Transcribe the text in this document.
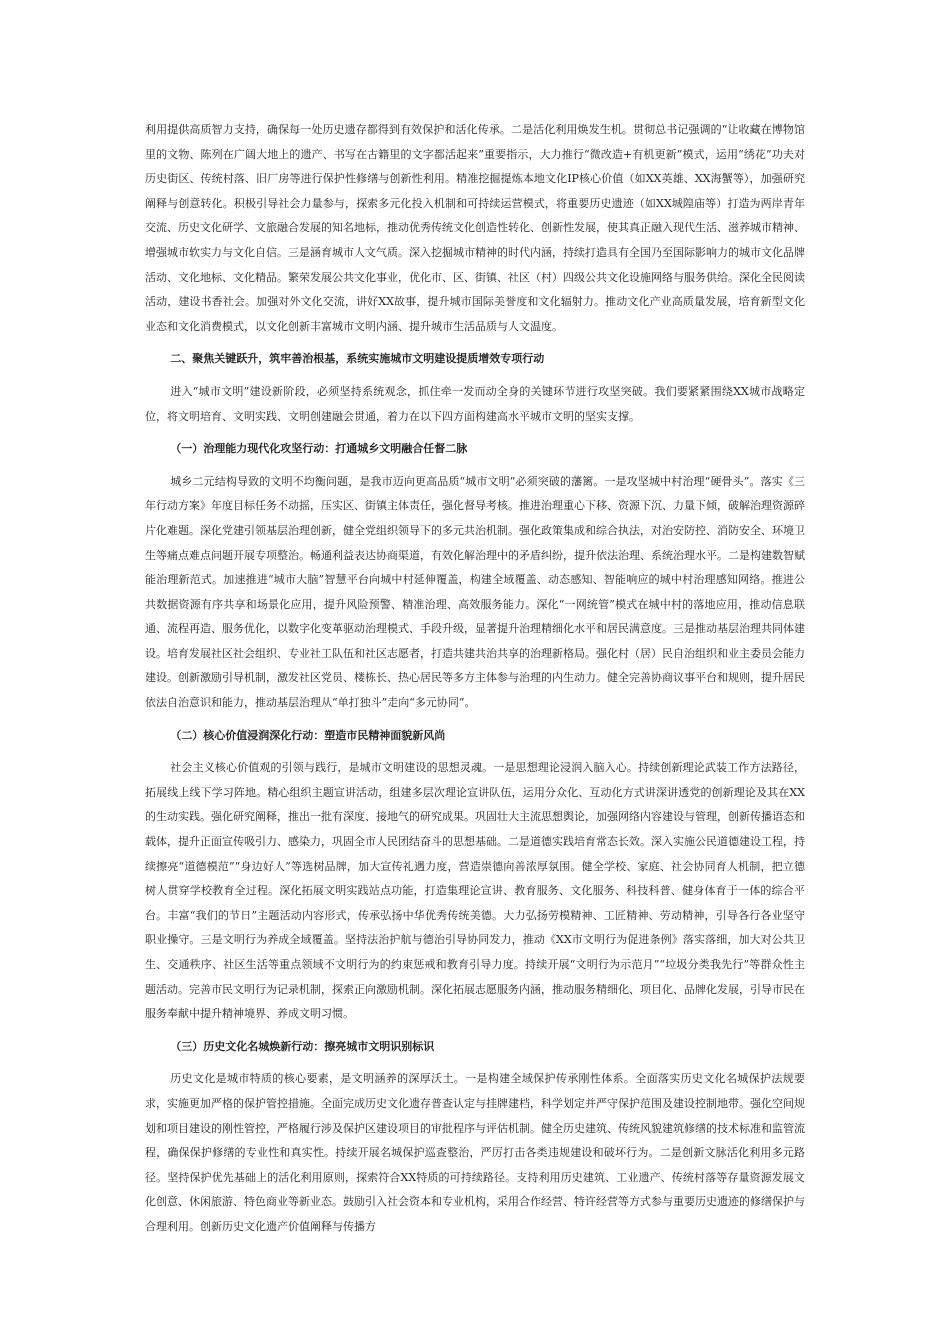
利用提供高质智力支持，确保每一处历史遗存都得到有效保护和活化传承。二是活化利用焕发生机。贯彻总书记强调的“让收藏在博物馆里的文物、陈列在广阔大地上的遗产、书写在古籍里的文字都活起来”重要指示，大力推行“微改造+有机更新”模式，运用“绣花”功夫对历史街区、传统村落、旧厂房等进行保护性修缮与创新性利用。精准挖掘提炼本地文化IP核心价值（如XX英雄、XX海蟹等），加强研究阐释与创意转化。积极引导社会力量参与，探索多元化投入机制和可持续运营模式，将重要历史遗迹（如XX城隍庙等）打造为两岸青年交流、历史文化研学、文旅融合发展的知名地标，推动优秀传统文化创造性转化、创新性发展，使其真正融入现代生活、滋养城市精神、增强城市软实力与文化自信。三是涵育城市人文气质。深入挖掘城市精神的时代内涵，持续打造具有全国乃至国际影响力的城市文化品牌活动、文化地标、文化精品。繁荣发展公共文化事业，优化市、区、街镇、社区（村）四级公共文化设施网络与服务供给。深化全民阅读活动，建设书香社会。加强对外文化交流，讲好XX故事，提升城市国际美誉度和文化辐射力。推动文化产业高质量发展，培育新型文化业态和文化消费模式，以文化创新丰富城市文明内涵、提升城市生活品质与人文温度。

二、聚焦关键跃升，筑牢善治根基，系统实施城市文明建设提质增效专项行动

进入“城市文明”建设新阶段，必须坚持系统观念，抓住牵一发而动全身的关键环节进行攻坚突破。我们要紧紧围绕XX城市战略定位，将文明培育、文明实践、文明创建融会贯通，着力在以下四方面构建高水平城市文明的坚实支撑。

（一）治理能力现代化攻坚行动：打通城乡文明融合任督二脉

城乡二元结构导致的文明不均衡问题，是我市迈向更高品质“城市文明”必须突破的藩篱。一是攻坚城中村治理“硬骨头”。落实《三年行动方案》年度目标任务不动摇，压实区、街镇主体责任，强化督导考核。推进治理重心下移、资源下沉、力量下倾，破解治理资源碎片化难题。深化党建引领基层治理创新，健全党组织领导下的多元共治机制。强化政策集成和综合执法，对治安防控、消防安全、环境卫生等痛点难点问题开展专项整治。畅通利益表达协商渠道，有效化解治理中的矛盾纠纷，提升依法治理、系统治理水平。二是构建数智赋能治理新范式。加速推进“城市大脑”智慧平台向城中村延伸覆盖，构建全域覆盖、动态感知、智能响应的城中村治理感知网络。推进公共数据资源有序共享和场景化应用，提升风险预警、精准治理、高效服务能力。深化“一网统管”模式在城中村的落地应用，推动信息联通、流程再造、服务优化，以数字化变革驱动治理模式、手段升级，显著提升治理精细化水平和居民满意度。三是推动基层治理共同体建设。培育发展社区社会组织、专业社工队伍和社区志愿者，打造共建共治共享的治理新格局。强化村（居）民自治组织和业主委员会能力建设。创新激励引导机制，激发社区党员、楼栋长、热心居民等多方主体参与治理的内生动力。健全完善协商议事平台和规则，提升居民依法自治意识和能力，推动基层治理从“单打独斗”走向“多元协同”。

（二）核心价值浸润深化行动：塑造市民精神面貌新风尚

社会主义核心价值观的引领与践行，是城市文明建设的思想灵魂。一是思想理论浸润入脑入心。持续创新理论武装工作方法路径，拓展线上线下学习阵地。精心组织主题宣讲活动，组建多层次理论宣讲队伍，运用分众化、互动化方式讲深讲透党的创新理论及其在XX的生动实践。强化研究阐释，推出一批有深度、接地气的研究成果。巩固壮大主流思想舆论，加强网络内容建设与管理，创新传播语态和载体，提升正面宣传吸引力、感染力，巩固全市人民团结奋斗的思想基础。二是道德实践培育常态长效。深入实施公民道德建设工程，持续擦亮“道德模范”“身边好人”等选树品牌，加大宣传礼遇力度，营造崇德向善浓厚氛围。健全学校、家庭、社会协同育人机制，把立德树人贯穿学校教育全过程。深化拓展文明实践站点功能，打造集理论宣讲、教育服务、文化服务、科技科普、健身体育于一体的综合平台。丰富“我们的节日”主题活动内容形式，传承弘扬中华优秀传统美德。大力弘扬劳模精神、工匠精神、劳动精神，引导各行各业坚守职业操守。三是文明行为养成全域覆盖。坚持法治护航与德治引导协同发力，推动《XX市文明行为促进条例》落实落细，加大对公共卫生、交通秩序、社区生活等重点领域不文明行为的约束惩戒和教育引导力度。持续开展“文明行为示范月”“垃圾分类我先行”等群众性主题活动。完善市民文明行为记录机制，探索正向激励机制。深化拓展志愿服务内涵，推动服务精细化、项目化、品牌化发展，引导市民在服务奉献中提升精神境界、养成文明习惯。

（三）历史文化名城焕新行动：擦亮城市文明识别标识

历史文化是城市特质的核心要素，是文明涵养的深厚沃土。一是构建全域保护传承刚性体系。全面落实历史文化名城保护法规要求，实施更加严格的保护管控措施。全面完成历史文化遗存普查认定与挂牌建档，科学划定并严守保护范围及建设控制地带。强化空间规划和项目建设的刚性管控，严格履行涉及保护区建设项目的审批程序与评估机制。健全历史建筑、传统风貌建筑修缮的技术标准和监管流程，确保保护修缮的专业性和真实性。持续开展名城保护巡查整治，严厉打击各类违规建设和破坏行为。二是创新文脉活化利用多元路径。坚持保护优先基础上的活化利用原则，探索符合XX特质的可持续路径。支持利用历史建筑、工业遗产、传统村落等存量资源发展文化创意、休闲旅游、特色商业等新业态。鼓励引入社会资本和专业机构，采用合作经营、特许经营等方式参与重要历史遗迹的修缮保护与合理利用。创新历史文化遗产价值阐释与传播方
